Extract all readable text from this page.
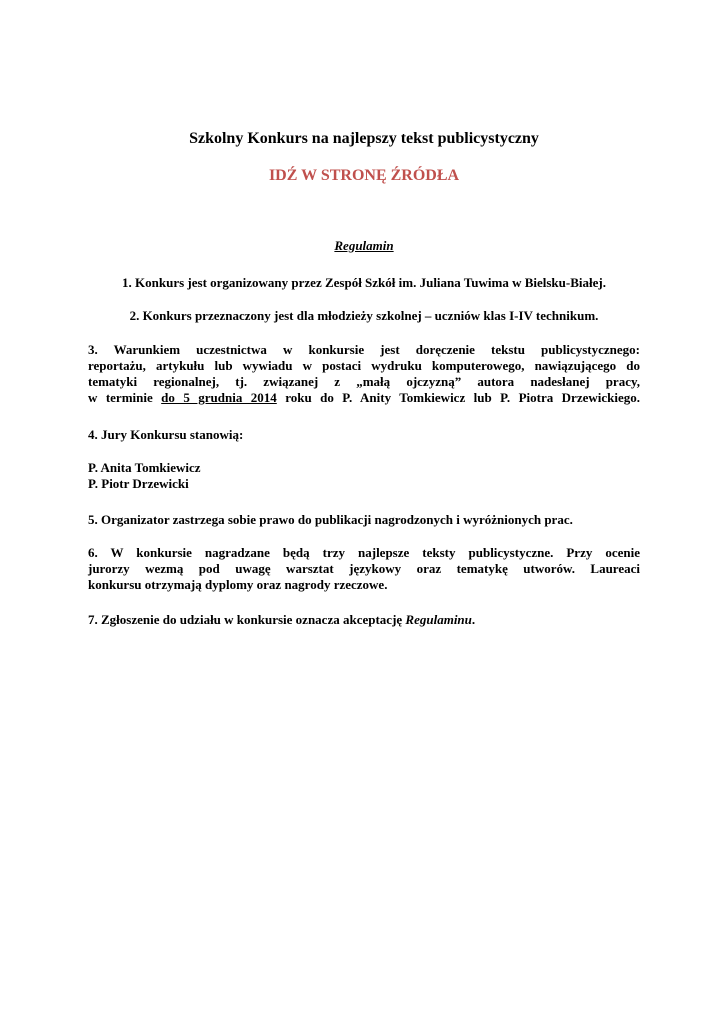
Szkolny Konkurs na najlepszy tekst publicystyczny
IDŹ W STRONĘ ŹRÓDŁA
Regulamin

1. Konkurs jest organizowany przez Zespół Szkół im. Juliana Tuwima w Bielsku-Białej.

2. Konkurs przeznaczony jest dla młodzieży szkolnej – uczniów klas I-IV technikum.

3. Warunkiem uczestnictwa w konkursie jest doręczenie tekstu publicystycznego:
reportażu, artykułu lub wywiadu w postaci wydruku komputerowego, nawiązującego do
tematyki regionalnej, tj. związanej z „małą ojczyzną” autora nadesłanej pracy,
w terminie do 5 grudnia 2014 roku do P. Anity Tomkiewicz lub P. Piotra Drzewickiego.

4. Jury Konkursu stanowią:

P. Anita Tomkiewicz
P. Piotr Drzewicki

5. Organizator zastrzega sobie prawo do publikacji nagrodzonych i wyróżnionych prac.

6. W konkursie nagradzane będą trzy najlepsze teksty publicystyczne. Przy ocenie
jurorzy wezmą pod uwagę warsztat językowy oraz tematykę utworów. Laureaci
konkursu otrzymają dyplomy oraz nagrody rzeczowe.

7. Zgłoszenie do udziału w konkursie oznacza akceptację Regulaminu.
